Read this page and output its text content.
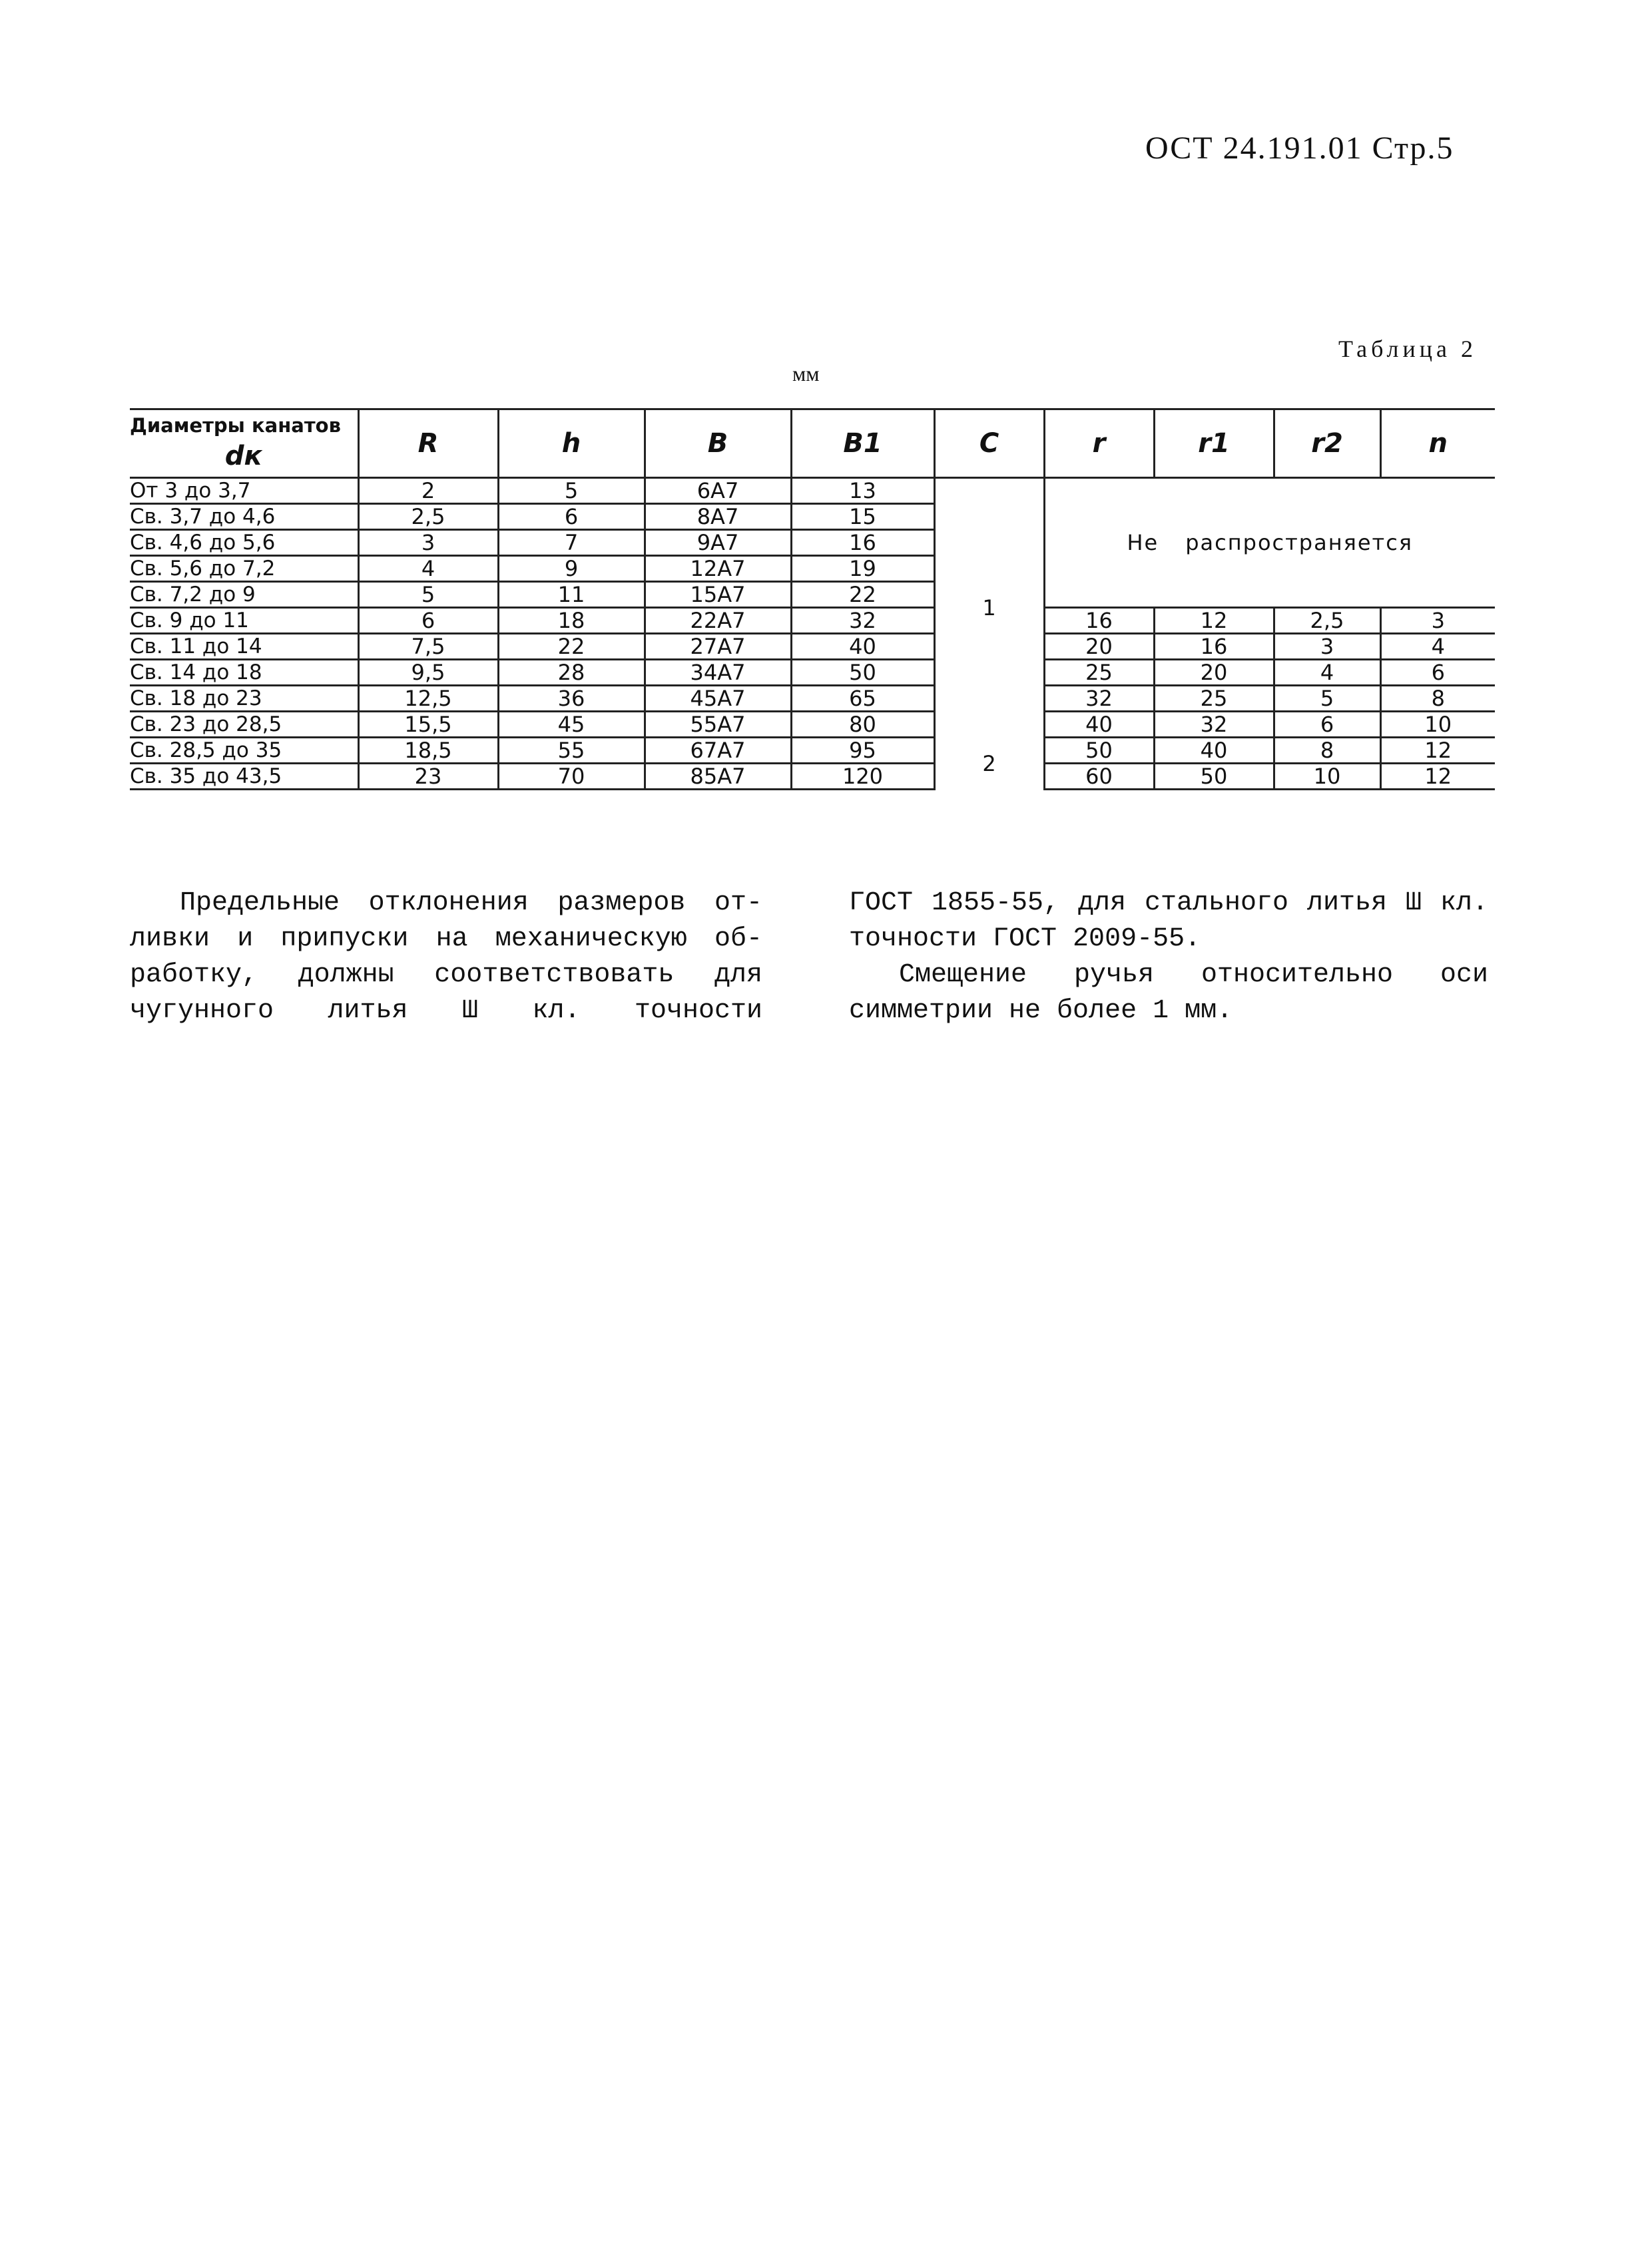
ОСТ 24.191.01 Стр.5
Таблица 2
мм
Диаметры канатов
dк	R	h	B	B1	C	r	r1	r2	n
От 3 до 3,7	2	5	6A7	13	1	Не распространяется			
Св. 3,7 до 4,6	2,5	6	8A7	15					
Св. 4,6 до 5,6	3	7	9A7	16					
Св. 5,6 до 7,2	4	9	12A7	19					
Св. 7,2 до 9	5	11	15A7	22					
Св. 9 до 11	6	18	22A7	32		16	12	2,5	3
Св. 11 до 14	7,5	22	27A7	40		20	16	3	4
Св. 14 до 18	9,5	28	34A7	50		25	20	4	6
Св. 18 до 23	12,5	36	45A7	65		32	25	5	8
Св. 23 до 28,5	15,5	45	55A7	80		40	32	6	10
Св. 28,5 до 35	18,5	55	67A7	95	2	50	40	8	12
Св. 35 до 43,5	23	70	85A7	120		60	50	10	12
Предельные отклонения размеров от-
ливки и припуски на механическую об-
работку, должны соответствовать для
чугунного литья Ш кл. точности
ГОСТ 1855-55, для стального литья Ш кл.
точности ГОСТ 2009-55.
Смещение ручья относительно оси
симметрии не более 1 мм.
